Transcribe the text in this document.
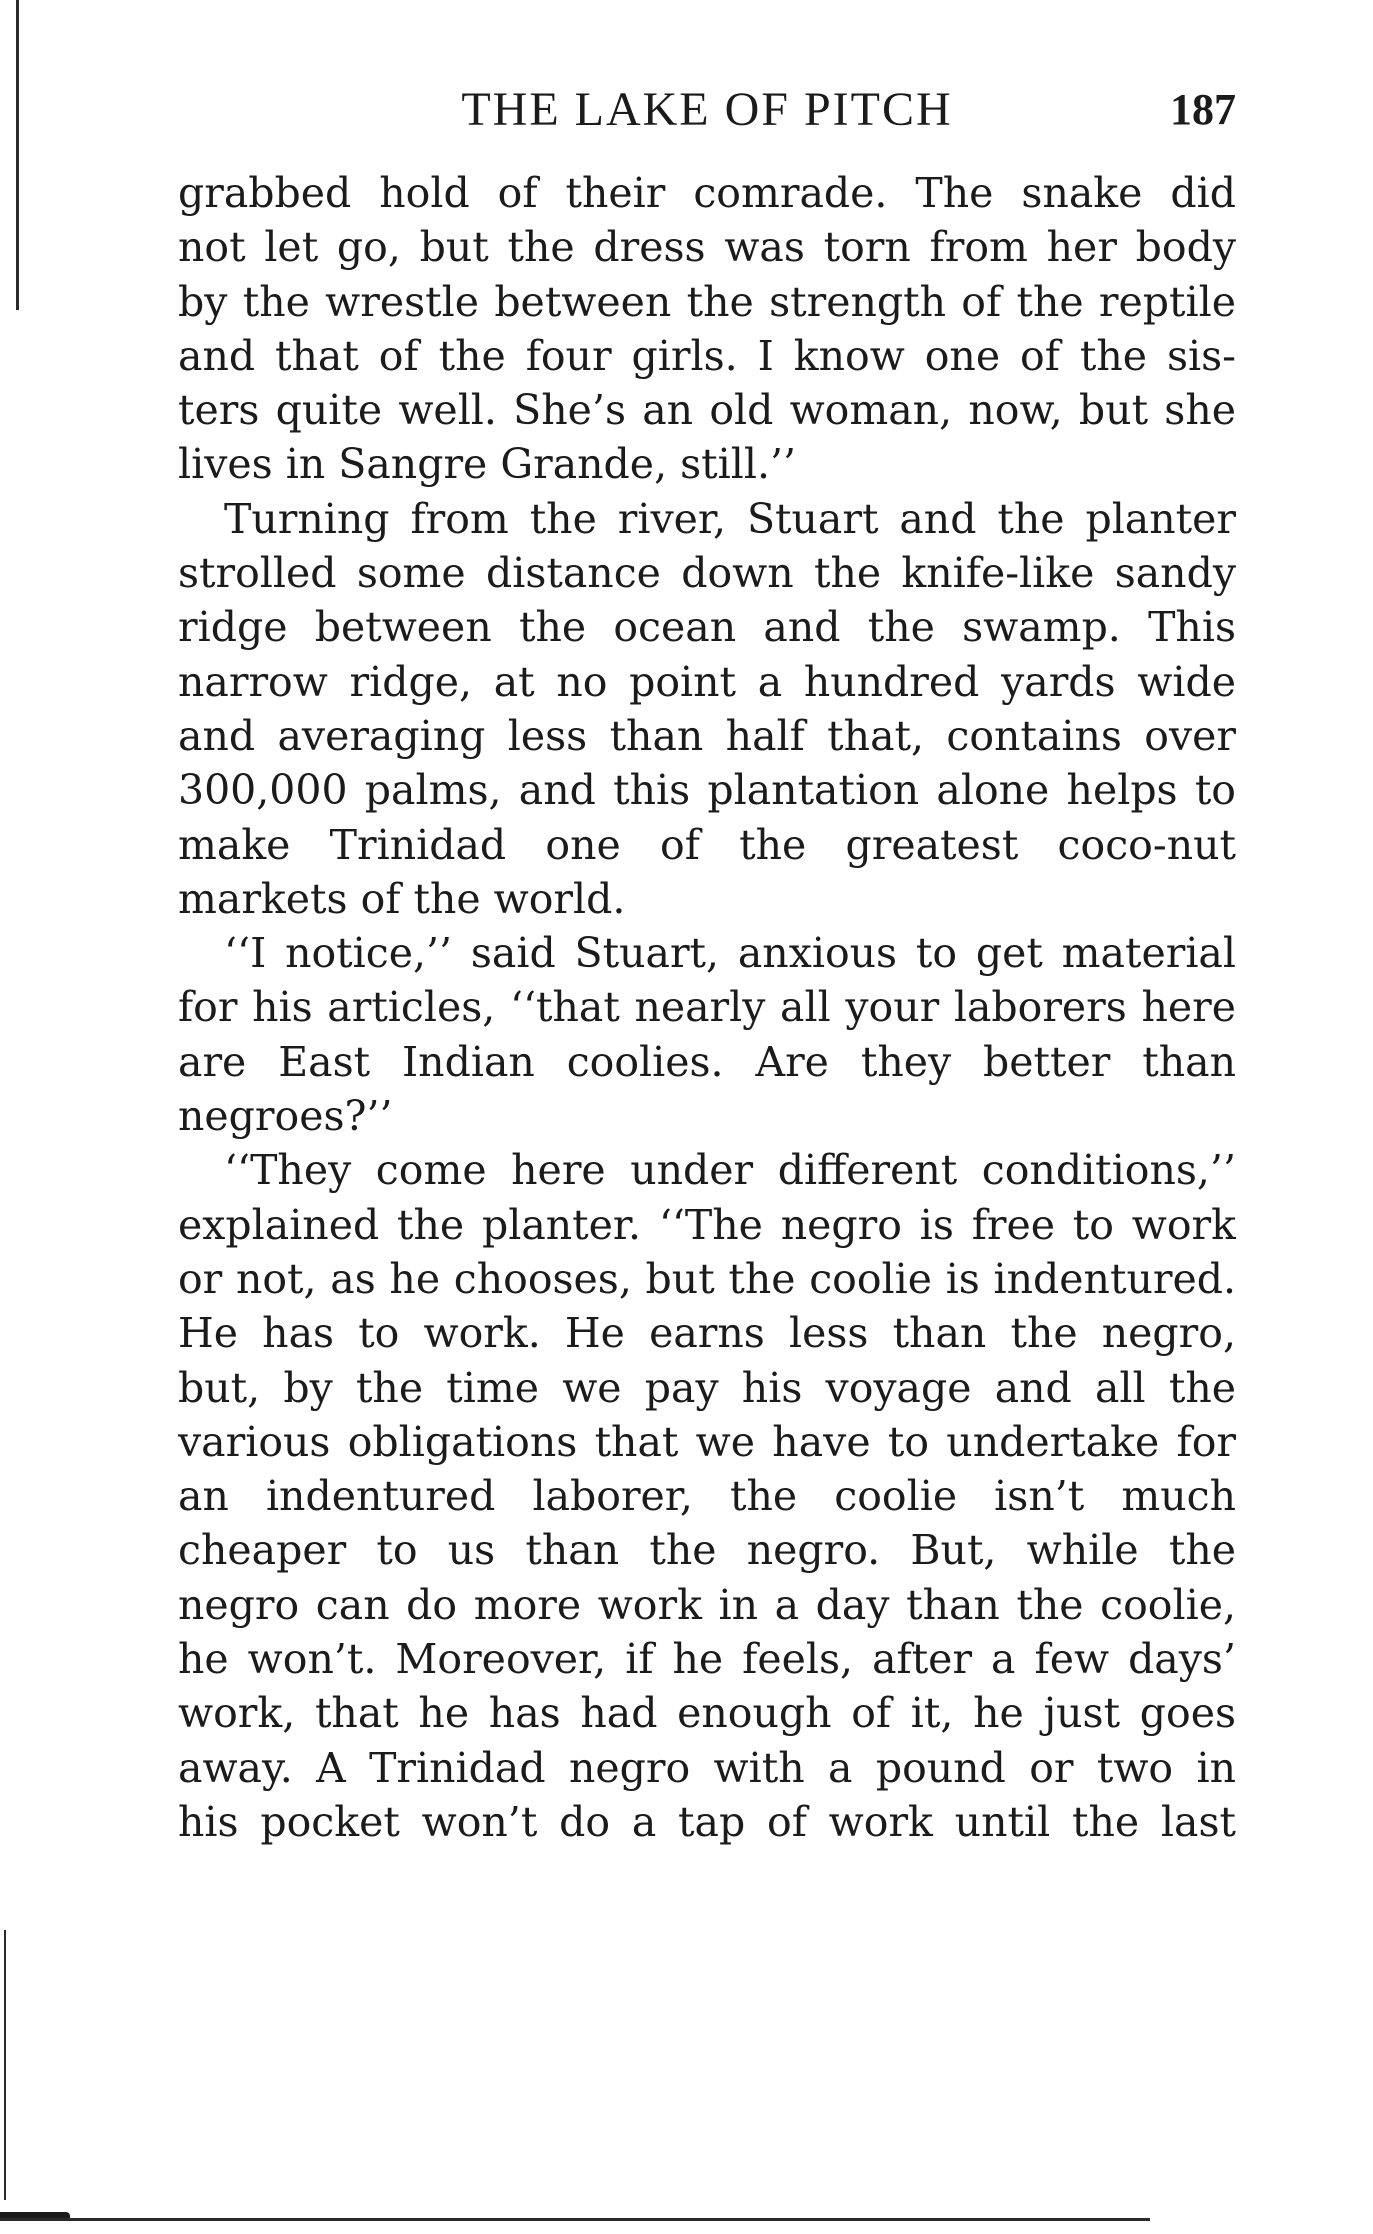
THE LAKE OF PITCH	187
grabbed hold of their comrade. The snake did
not let go, but the dress was torn from her body
by the wrestle between the strength of the reptile
and that of the four girls. I know one of the sis-
ters quite well. She’s an old woman, now, but she
lives in Sangre Grande, still.’’
Turning from the river, Stuart and the planter
strolled some distance down the knife-like sandy
ridge between the ocean and the swamp. This
narrow ridge, at no point a hundred yards wide
and averaging less than half that, contains over
300,000 palms, and this plantation alone helps to
make Trinidad one of the greatest coco-nut
markets of the world.
‘‘I notice,’’ said Stuart, anxious to get material
for his articles, ‘‘that nearly all your laborers here
are East Indian coolies. Are they better than
negroes?’’
‘‘They come here under different conditions,’’
explained the planter. ‘‘The negro is free to work
or not, as he chooses, but the coolie is indentured.
He has to work. He earns less than the negro,
but, by the time we pay his voyage and all the
various obligations that we have to undertake for
an indentured laborer, the coolie isn’t much
cheaper to us than the negro. But, while the
negro can do more work in a day than the coolie,
he won’t. Moreover, if he feels, after a few days’
work, that he has had enough of it, he just goes
away. A Trinidad negro with a pound or two in
his pocket won’t do a tap of work until the last
